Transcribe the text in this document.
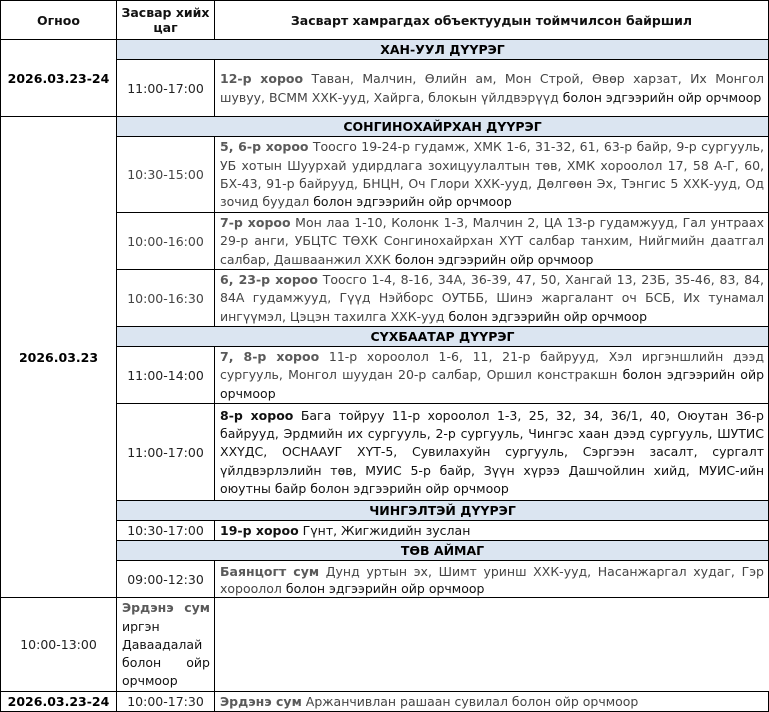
Огноо	Засвар хийх цаг	Засварт хамрагдах объектуудын тоймчилсон байршил
2026.03.23-24	ХАН-УУЛ ДҮҮРЭГ	
	11:00-17:00	12-р хороо Таван, Малчин, Өлийн ам, Мон Строй, Өвөр харзат, Их Монгол шувуу, ВСММ ХХК-ууд, Хайрга, блокын үйлдвэрүүд болон эдгээрийн ойр орчмоор
2026.03.23	СОНГИНОХАЙРХАН ДҮҮРЭГ	
	10:30-15:00	5, 6-р хороо Тоосго 19-24-р гудамж, ХМК 1-6, 31-32, 61, 63-р байр, 9-р сургууль, УБ хотын Шуурхай удирдлага зохицуулалтын төв, ХМК хороолол 17, 58 А-Г, 60, БХ-43, 91-р байрууд, БНЦН, Оч Глори ХХК-ууд, Дөлгөөн Эх, Тэнгис 5 ХХК-ууд, Од зочид буудал болон эдгээрийн ойр орчмоор
	10:00-16:00	7-р хороо Мон лаа 1-10, Колонк 1-3, Малчин 2, ЦА 13-р гудамжууд, Гал унтраах 29-р анги, УБЦТС ТӨХК Сонгинохайрхан ХҮТ салбар танхим, Нийгмийн даатгал салбар, Дашваанжил ХХК болон эдгээрийн ойр орчмоор
	10:00-16:30	6, 23-р хороо Тоосго 1-4, 8-16, 34А, 36-39, 47, 50, Хангай 13, 23Б, 35-46, 83, 84, 84А гудамжууд, Гүүд Нэйборс ОУТББ, Шинэ жаргалант оч БСБ, Их тунамал ингүүмэл, Цэцэн тахилга ХХК-ууд болон эдгээрийн ойр орчмоор
	СҮХБААТАР ДҮҮРЭГ	
	11:00-14:00	7, 8-р хороо 11-р хороолол 1-6, 11, 21-р байрууд, Хэл иргэншлийн дээд сургууль, Монгол шуудан 20-р салбар, Оршил констракшн болон эдгээрийн ойр орчмоор
	11:00-17:00	8-р хороо Бага тойруу 11-р хороолол 1-3, 25, 32, 34, 36/1, 40, Оюутан 36-р байрууд, Эрдмийн их сургууль, 2-р сургууль, Чингэс хаан дээд сургууль, ШУТИС ХХҮДС, ОСНААУГ ХҮТ-5, Сувилахуйн сургууль, Сэргээн засалт, сургалт үйлдвэрлэлийн төв, МУИС 5-р байр, Зүүн хүрээ Дашчойлин хийд, МУИС-ийн оюутны байр болон эдгээрийн ойр орчмоор
	ЧИНГЭЛТЭЙ ДҮҮРЭГ	
	10:30-17:00	19-р хороо Гүнт, Жигжидийн зуслан
	ТӨВ АЙМАГ	
	09:00-12:30	Баянцогт сум Дунд уртын эх, Шимт уринш ХХК-ууд, Насанжаргал худаг, Гэр хороолол болон эдгээрийн ойр орчмоор
10:00-13:00	Эрдэнэ сум иргэн Даваадалай болон ойр орчмоор	
2026.03.23-24	10:00-17:30	Эрдэнэ сум Аржанчивлан рашаан сувилал болон ойр орчмоор
